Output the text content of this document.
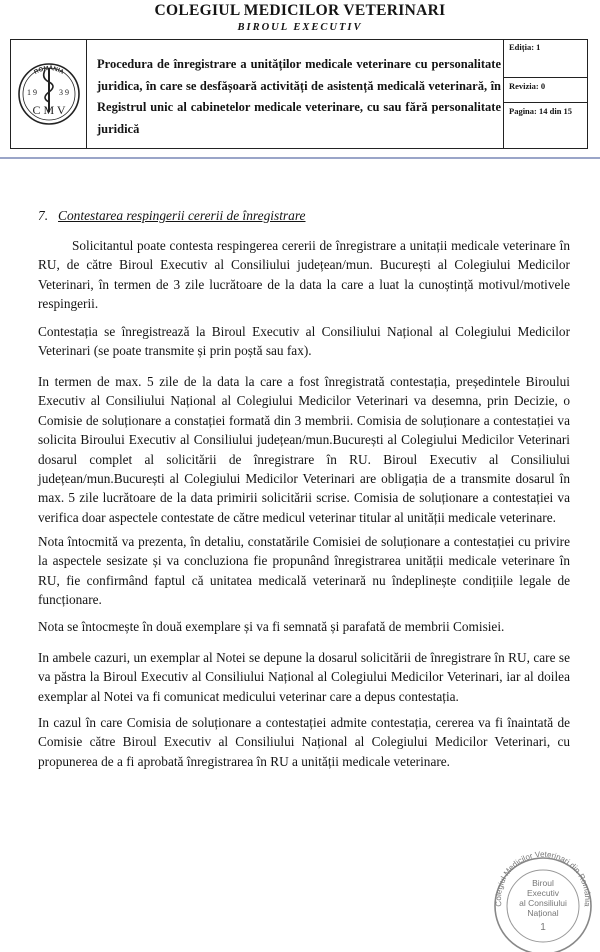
COLEGIUL MEDICILOR VETERINARI
BIROUL EXECUTIV
ROMÂNIA
1 9	3 9
C M V
Procedura de înregistrare a unităților medicale veterinare cu personalitate juridica, în care se desfășoară activități de asistență medicală veterinară, în Registrul unic al cabinetelor medicale veterinare, cu sau fără personalitate juridică
Ediția: 1
Revizia: 0
Pagina: 14 din 15
7. Contestarea respingerii cererii de înregistrare

Solicitantul poate contesta respingerea cererii de înregistrare a unitații medicale veterinare în RU, de către Biroul Executiv al Consiliului județean/mun. București al Colegiului Medicilor Veterinari, în termen de 3 zile lucrătoare de la data la care a luat la cunoștință motivul/motivele respingerii.

Contestația se înregistrează la Biroul Executiv al Consiliului Național al Colegiului Medicilor Veterinari (se poate transmite și prin poștă sau fax).

In termen de max. 5 zile de la data la care a fost înregistrată contestația, președintele Biroului Executiv al Consiliului Național al Colegiului Medicilor Veterinari va desemna, prin Decizie, o Comisie de soluționare a constației formată din 3 membrii. Comisia de soluționare a contestației va solicita Biroului Executiv al Consiliului județean/mun.București al Colegiului Medicilor Veterinari dosarul complet al solicitării de înregistrare în RU. Biroul Executiv al Consiliului județean/mun.București al Colegiului Medicilor Veterinari are obligația de a transmite dosarul în max. 5 zile lucrătoare de la data primirii solicitării scrise. Comisia de soluționare a contestației va verifica doar aspectele contestate de către medicul veterinar titular al unității medicale veterinare.

Nota întocmită va prezenta, în detaliu, constatările Comisiei de soluționare a contestației cu privire la aspectele sesizate și va concluziona fie propunând înregistrarea unității medicale veterinare în RU, fie confirmând faptul că unitatea medicală veterinară nu îndeplinește condițiile legale de funcționare.

Nota se întocmește în două exemplare și va fi semnată și parafată de membrii Comisiei.

In ambele cazuri, un exemplar al Notei se depune la dosarul solicitării de înregistrare în RU, care se va păstra la Biroul Executiv al Consiliului Național al Colegiului Medicilor Veterinari, iar al doilea exemplar al Notei va fi comunicat medicului veterinar care a depus contestația.

In cazul în care Comisia de soluționare a contestației admite contestația, cererea va fi înaintată de Comisie către Biroul Executiv al Consiliului Național al Colegiului Medicilor Veterinari, cu propunerea de a fi aprobată înregistrarea în RU a unității medicale veterinare.

Colegiul Medicilor Veterinari din România
Biroul
Executiv
al Consiliului
Național
1
